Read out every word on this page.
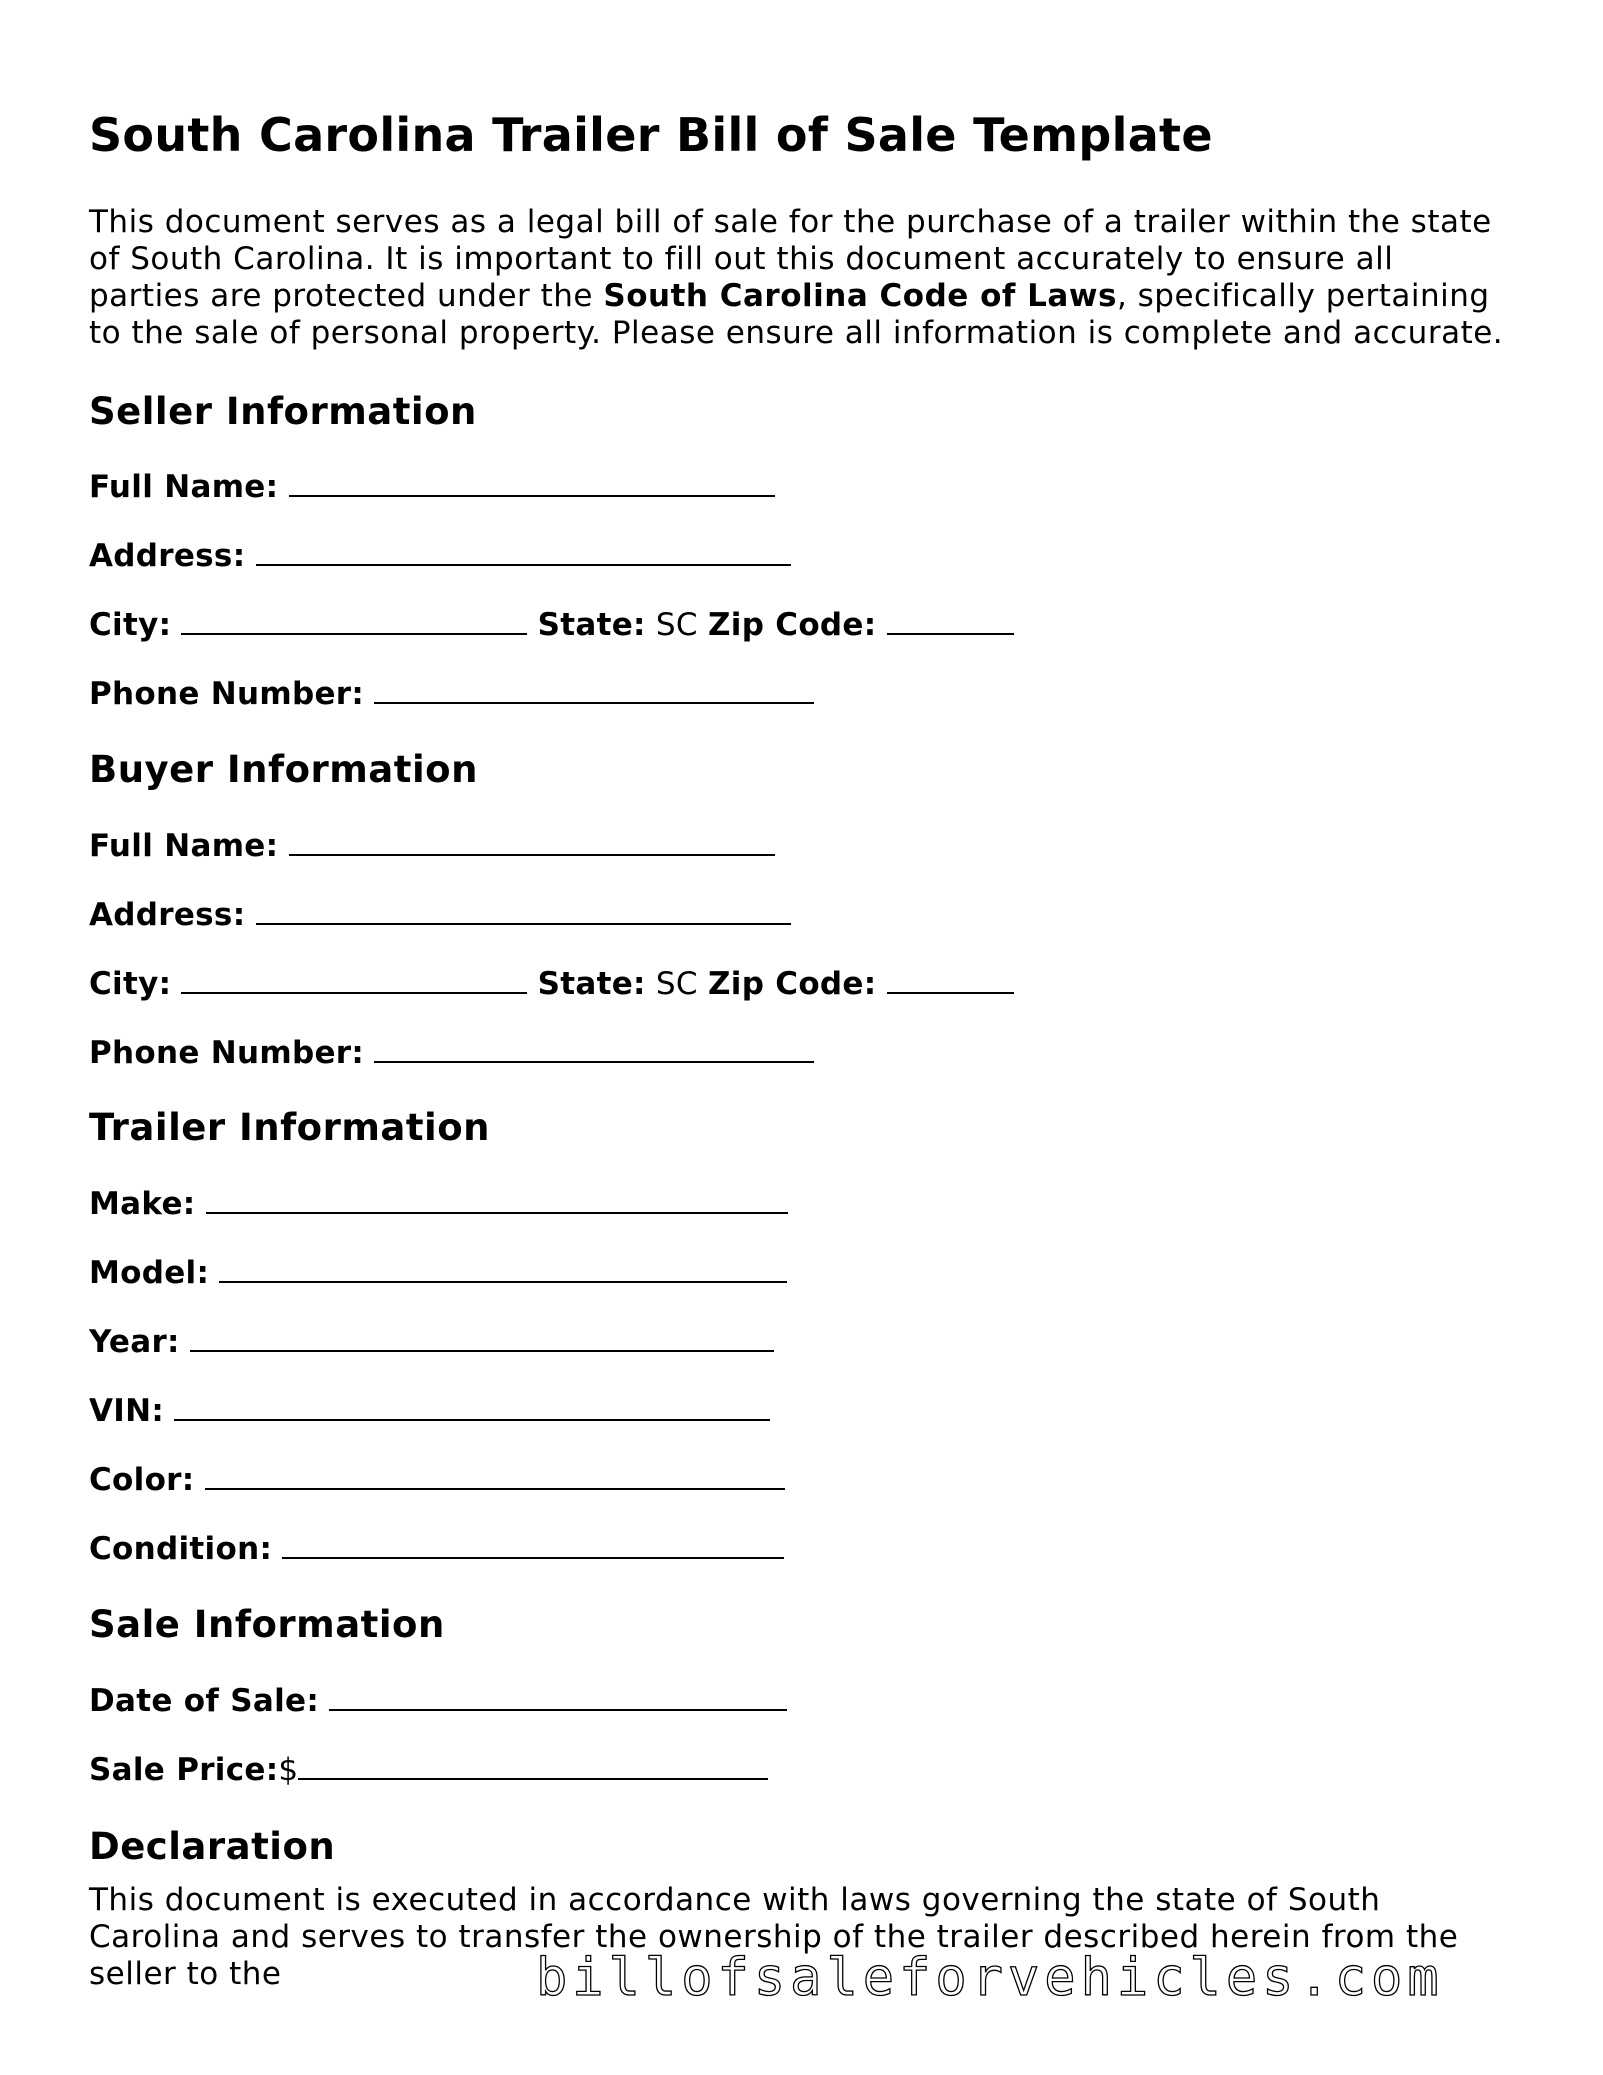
South Carolina Trailer Bill of Sale Template

This document serves as a legal bill of sale for the purchase of a trailer within the state of South Carolina. It is important to fill out this document accurately to ensure all parties are protected under the South Carolina Code of Laws, specifically pertaining to the sale of personal property. Please ensure all information is complete and accurate.

Seller Information
Full Name:
Address:
City:	State: SC Zip Code:
Phone Number:
Buyer Information
Full Name:
Address:
City:	State: SC Zip Code:
Phone Number:
Trailer Information
Make:
Model:
Year:
VIN:
Color:
Condition:
Sale Information
Date of Sale:
Sale Price:$
Declaration

This document is executed in accordance with laws governing the state of South Carolina and serves to transfer the ownership of the trailer described herein from the seller to the	billofsaleforvehicles.com
